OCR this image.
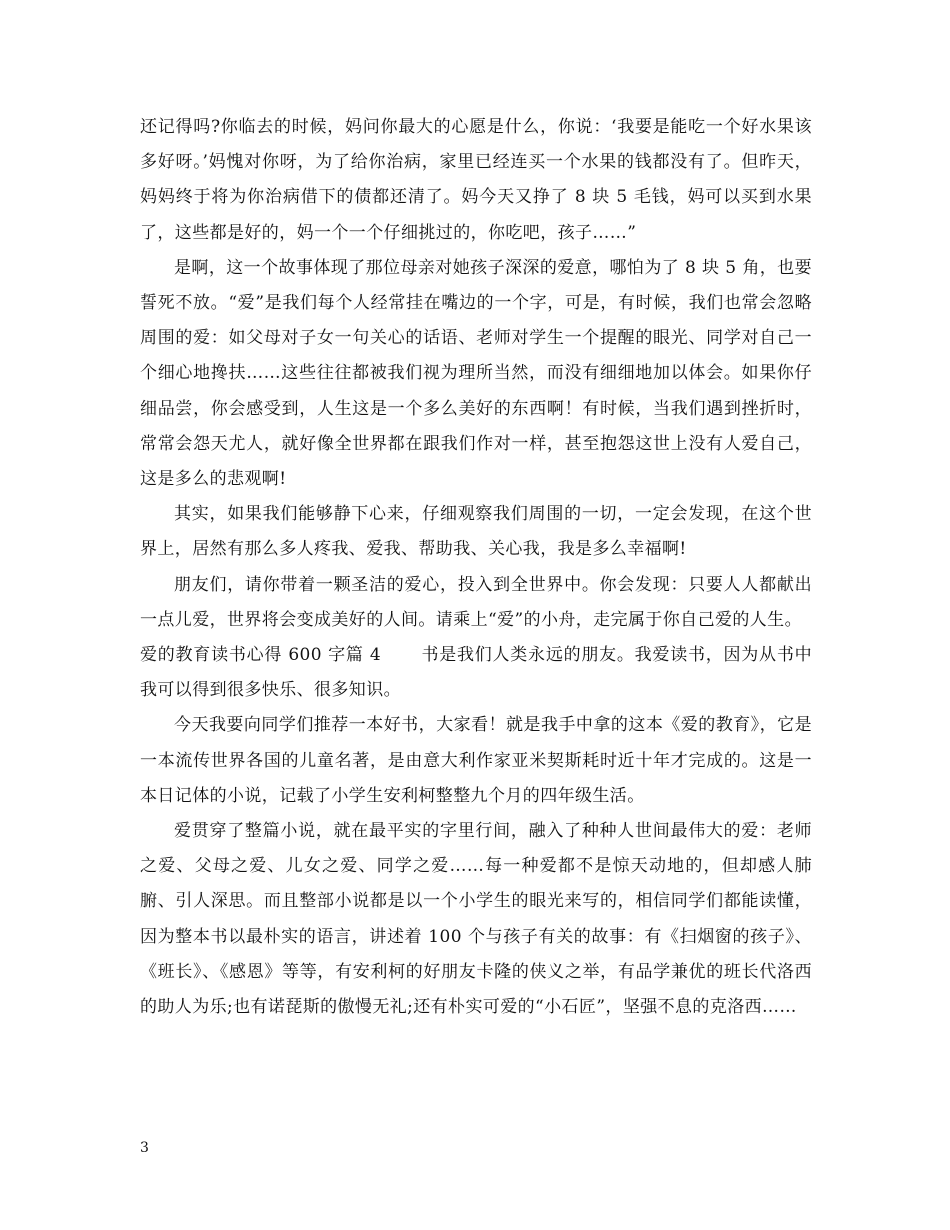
还记得吗?你临去的时候，妈问你最大的心愿是什么，你说：‘我要是能吃一个好水果该多好呀。’妈愧对你呀，为了给你治病，家里已经连买一个水果的钱都没有了。但昨天，妈妈终于将为你治病借下的债都还清了。妈今天又挣了 8 块 5 毛钱，妈可以买到水果了，这些都是好的，妈一个一个仔细挑过的，你吃吧，孩子……”

是啊，这一个故事体现了那位母亲对她孩子深深的爱意，哪怕为了 8 块 5 角，也要誓死不放。“爱”是我们每个人经常挂在嘴边的一个字，可是，有时候，我们也常会忽略周围的爱：如父母对子女一句关心的话语、老师对学生一个提醒的眼光、同学对自己一个细心地搀扶……这些往往都被我们视为理所当然，而没有细细地加以体会。如果你仔细品尝，你会感受到，人生这是一个多么美好的东西啊！有时候，当我们遇到挫折时，常常会怨天尤人，就好像全世界都在跟我们作对一样，甚至抱怨这世上没有人爱自己，这是多么的悲观啊!

其实，如果我们能够静下心来，仔细观察我们周围的一切，一定会发现，在这个世界上，居然有那么多人疼我、爱我、帮助我、关心我，我是多么幸福啊!

朋友们，请你带着一颗圣洁的爱心，投入到全世界中。你会发现：只要人人都献出一点儿爱，世界将会变成美好的人间。请乘上“爱”的小舟，走完属于你自己爱的人生。

爱的教育读书心得 600 字篇 4 书是我们人类永远的朋友。我爱读书，因为从书中我可以得到很多快乐、很多知识。

今天我要向同学们推荐一本好书，大家看！就是我手中拿的这本《爱的教育》，它是一本流传世界各国的儿童名著，是由意大利作家亚米契斯耗时近十年才完成的。这是一本日记体的小说，记载了小学生安利柯整整九个月的四年级生活。

爱贯穿了整篇小说，就在最平实的字里行间，融入了种种人世间最伟大的爱：老师之爱、父母之爱、儿女之爱、同学之爱……每一种爱都不是惊天动地的，但却感人肺腑、引人深思。而且整部小说都是以一个小学生的眼光来写的，相信同学们都能读懂，因为整本书以最朴实的语言，讲述着 100 个与孩子有关的故事：有《扫烟窗的孩子》、《班长》、《感恩》等等，有安利柯的好朋友卡隆的侠义之举，有品学兼优的班长代洛西的助人为乐;也有诺琵斯的傲慢无礼;还有朴实可爱的“小石匠”，坚强不息的克洛西……

3
